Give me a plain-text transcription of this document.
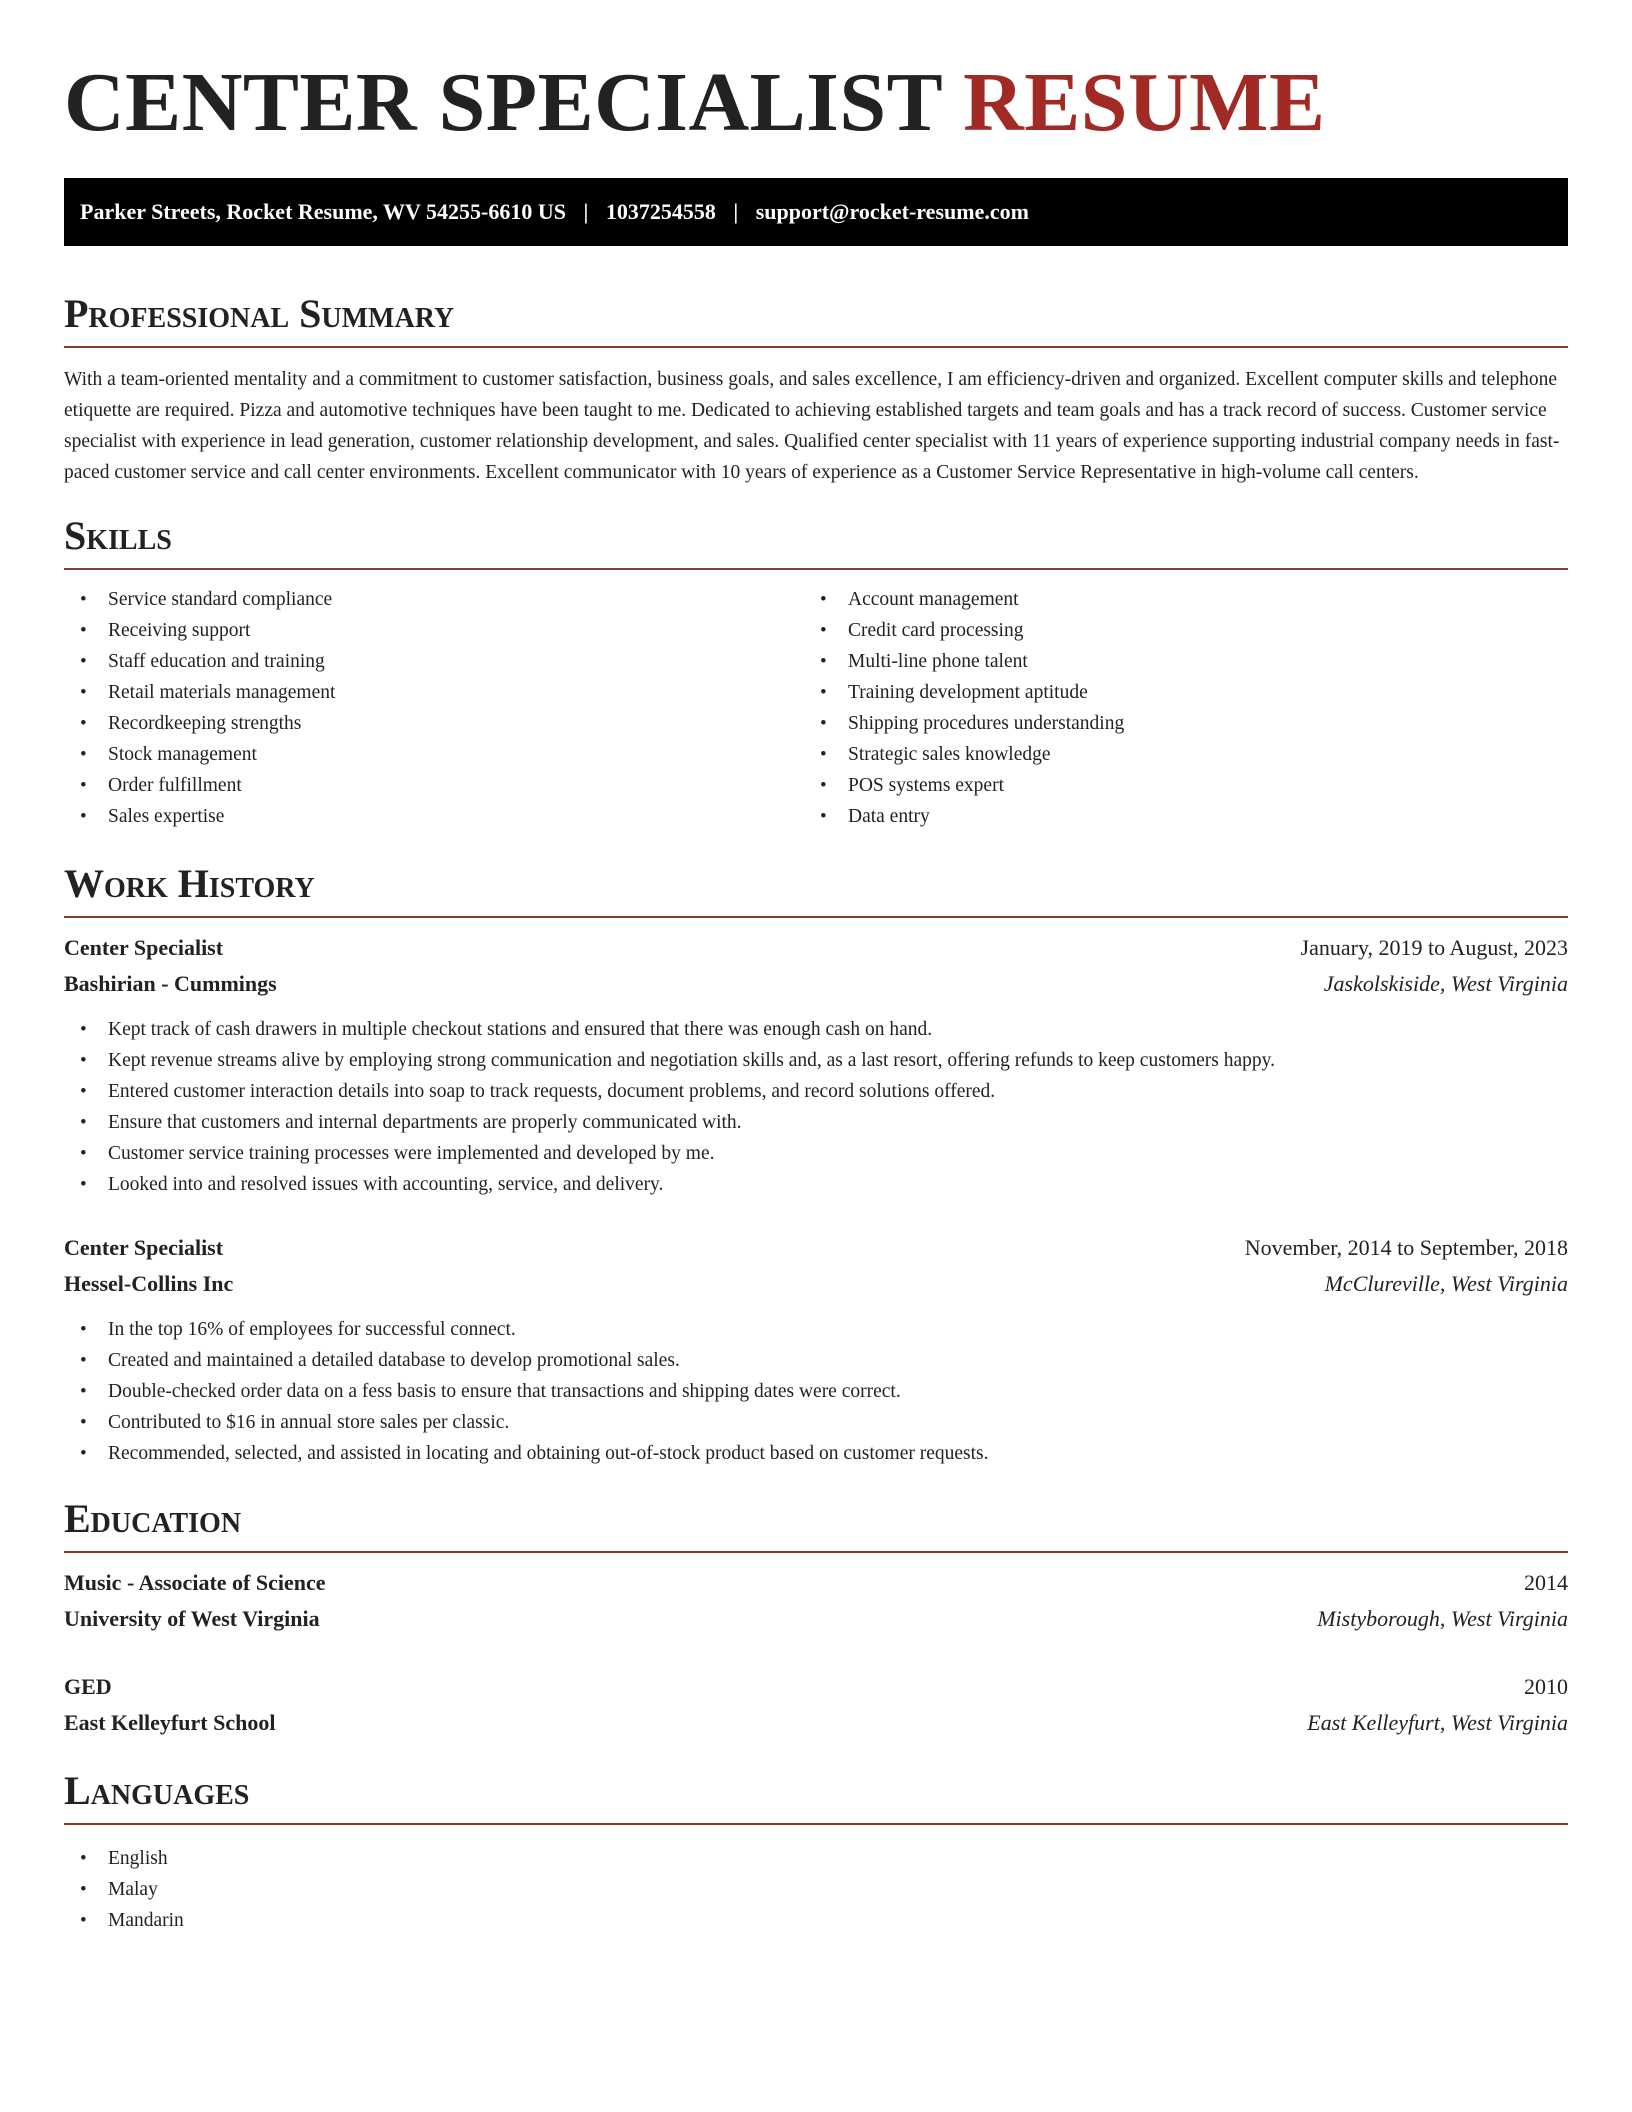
CENTER SPECIALIST RESUME
Parker Streets, Rocket Resume, WV 54255-6610 US | 1037254558 | support@rocket-resume.com
Professional Summary

With a team-oriented mentality and a commitment to customer satisfaction, business goals, and sales excellence, I am efficiency-driven and organized. Excellent computer skills and telephone etiquette are required. Pizza and automotive techniques have been taught to me. Dedicated to achieving established targets and team goals and has a track record of success. Customer service specialist with experience in lead generation, customer relationship development, and sales. Qualified center specialist with 11 years of experience supporting industrial company needs in fast-paced customer service and call center environments. Excellent communicator with 10 years of experience as a Customer Service Representative in high-volume call centers.

Skills
• Service standard compliance
• Receiving support
• Staff education and training
• Retail materials management
• Recordkeeping strengths
• Stock management
• Order fulfillment
• Sales expertise
• Account management
• Credit card processing
• Multi-line phone talent
• Training development aptitude
• Shipping procedures understanding
• Strategic sales knowledge
• POS systems expert
• Data entry
Work History
Center Specialist	January, 2019 to August, 2023
Bashirian - Cummings	Jaskolskiside, West Virginia
• Kept track of cash drawers in multiple checkout stations and ensured that there was enough cash on hand.
• Kept revenue streams alive by employing strong communication and negotiation skills and, as a last resort, offering refunds to keep customers happy.
• Entered customer interaction details into soap to track requests, document problems, and record solutions offered.
• Ensure that customers and internal departments are properly communicated with.
• Customer service training processes were implemented and developed by me.
• Looked into and resolved issues with accounting, service, and delivery.
Center Specialist	November, 2014 to September, 2018
Hessel-Collins Inc	McClureville, West Virginia
• In the top 16% of employees for successful connect.
• Created and maintained a detailed database to develop promotional sales.
• Double-checked order data on a fess basis to ensure that transactions and shipping dates were correct.
• Contributed to $16 in annual store sales per classic.
• Recommended, selected, and assisted in locating and obtaining out-of-stock product based on customer requests.
Education
Music - Associate of Science	2014
University of West Virginia	Mistyborough, West Virginia
GED	2010
East Kelleyfurt School	East Kelleyfurt, West Virginia
Languages
• English
• Malay
• Mandarin
